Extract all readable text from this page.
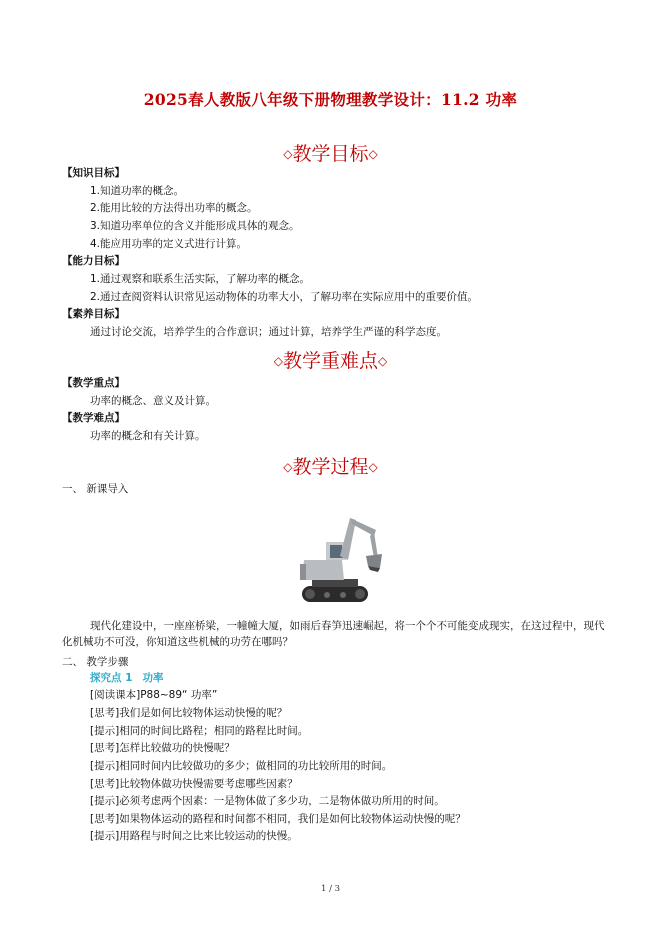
2025春人教版八年级下册物理教学设计：11.2 功率
◇教学目标◇
【知识目标】
1.知道功率的概念。
2.能用比较的方法得出功率的概念。
3.知道功率单位的含义并能形成具体的观念。
4.能应用功率的定义式进行计算。
【能力目标】
1.通过观察和联系生活实际，了解功率的概念。
2.通过查阅资料认识常见运动物体的功率大小，了解功率在实际应用中的重要价值。
【素养目标】
通过讨论交流，培养学生的合作意识；通过计算，培养学生严谨的科学态度。
◇教学重难点◇
【教学重点】
功率的概念、意义及计算。
【教学难点】
功率的概念和有关计算。
◇教学过程◇
一、 新课导入
现代化建设中，一座座桥梁，一幢幢大厦，如雨后春笋迅速崛起，将一个个不可能变成现实，在这过程中，现代化机械功不可没，你知道这些机械的功劳在哪吗？
二、 教学步骤
探究点 1 功率
[阅读课本]P88~89“ 功率”
[思考]我们是如何比较物体运动快慢的呢？
[提示]相同的时间比路程；相同的路程比时间。
[思考]怎样比较做功的快慢呢？
[提示]相同时间内比较做功的多少；做相同的功比较所用的时间。
[思考]比较物体做功快慢需要考虑哪些因素？
[提示]必须考虑两个因素：一是物体做了多少功，二是物体做功所用的时间。
[思考]如果物体运动的路程和时间都不相同，我们是如何比较物体运动快慢的呢？
[提示]用路程与时间之比来比较运动的快慢。
1 / 3
